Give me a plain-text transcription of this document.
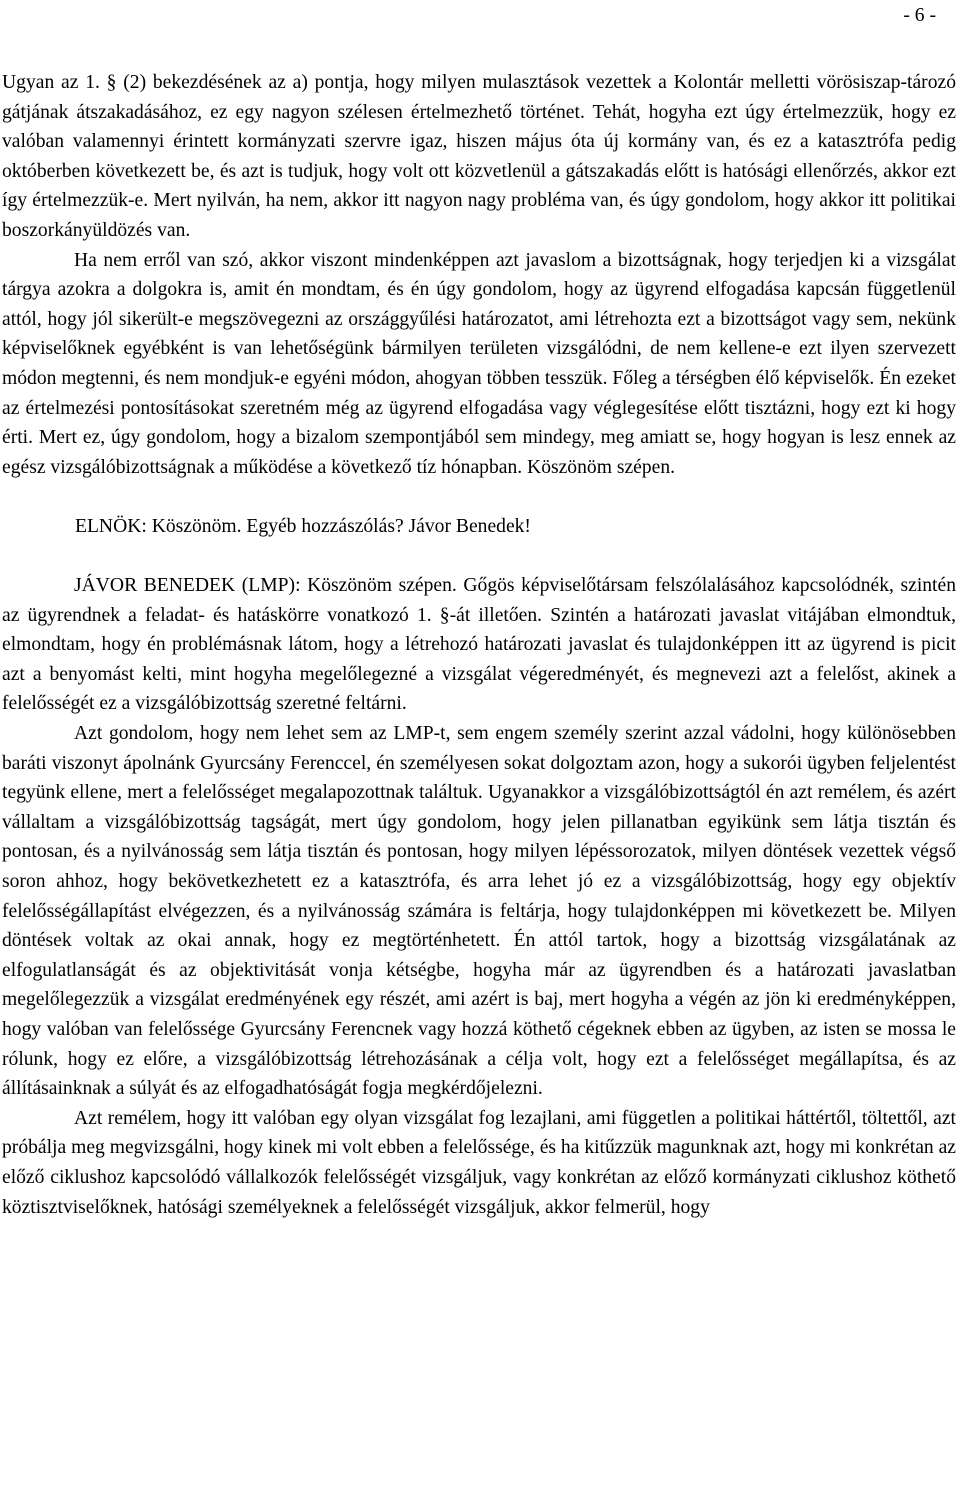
- 6 -

Ugyan az 1. § (2) bekezdésének az a) pontja, hogy milyen mulasztások vezettek a Kolontár melletti vörösiszap-tározó gátjának átszakadásához, ez egy nagyon szélesen értelmezhető történet. Tehát, hogyha ezt úgy értelmezzük, hogy ez valóban valamennyi érintett kormányzati szervre igaz, hiszen május óta új kormány van, és ez a katasztrófa pedig októberben következett be, és azt is tudjuk, hogy volt ott közvetlenül a gátszakadás előtt is hatósági ellenőrzés, akkor ezt így értelmezzük-e. Mert nyilván, ha nem, akkor itt nagyon nagy probléma van, és úgy gondolom, hogy akkor itt politikai boszorkányüldözés van.

Ha nem erről van szó, akkor viszont mindenképpen azt javaslom a bizottságnak, hogy terjedjen ki a vizsgálat tárgya azokra a dolgokra is, amit én mondtam, és én úgy gondolom, hogy az ügyrend elfogadása kapcsán függetlenül attól, hogy jól sikerült-e megszövegezni az országgyűlési határozatot, ami létrehozta ezt a bizottságot vagy sem, nekünk képviselőknek egyébként is van lehetőségünk bármilyen területen vizsgálódni, de nem kellene-e ezt ilyen szervezett módon megtenni, és nem mondjuk-e egyéni módon, ahogyan többen tesszük. Főleg a térségben élő képviselők. Én ezeket az értelmezési pontosításokat szeretném még az ügyrend elfogadása vagy véglegesítése előtt tisztázni, hogy ezt ki hogy érti. Mert ez, úgy gondolom, hogy a bizalom szempontjából sem mindegy, meg amiatt se, hogy hogyan is lesz ennek az egész vizsgálóbizottságnak a működése a következő tíz hónapban. Köszönöm szépen.

ELNÖK: Köszönöm. Egyéb hozzászólás? Jávor Benedek!

JÁVOR BENEDEK (LMP): Köszönöm szépen. Gőgös képviselőtársam felszólalásához kapcsolódnék, szintén az ügyrendnek a feladat- és hatáskörre vonatkozó 1. §-át illetően. Szintén a határozati javaslat vitájában elmondtuk, elmondtam, hogy én problémásnak látom, hogy a létrehozó határozati javaslat és tulajdonképpen itt az ügyrend is picit azt a benyomást kelti, mint hogyha megelőlegezné a vizsgálat végeredményét, és megnevezi azt a felelőst, akinek a felelősségét ez a vizsgálóbizottság szeretné feltárni.

Azt gondolom, hogy nem lehet sem az LMP-t, sem engem személy szerint azzal vádolni, hogy különösebben baráti viszonyt ápolnánk Gyurcsány Ferenccel, én személyesen sokat dolgoztam azon, hogy a sukorói ügyben feljelentést tegyünk ellene, mert a felelősséget megalapozottnak találtuk. Ugyanakkor a vizsgálóbizottságtól én azt remélem, és azért vállaltam a vizsgálóbizottság tagságát, mert úgy gondolom, hogy jelen pillanatban egyikünk sem látja tisztán és pontosan, és a nyilvánosság sem látja tisztán és pontosan, hogy milyen lépéssorozatok, milyen döntések vezettek végső soron ahhoz, hogy bekövetkezhetett ez a katasztrófa, és arra lehet jó ez a vizsgálóbizottság, hogy egy objektív felelősségállapítást elvégezzen, és a nyilvánosság számára is feltárja, hogy tulajdonképpen mi következett be. Milyen döntések voltak az okai annak, hogy ez megtörténhetett. Én attól tartok, hogy a bizottság vizsgálatának az elfogulatlanságát és az objektivitását vonja kétségbe, hogyha már az ügyrendben és a határozati javaslatban megelőlegezzük a vizsgálat eredményének egy részét, ami azért is baj, mert hogyha a végén az jön ki eredményképpen, hogy valóban van felelőssége Gyurcsány Ferencnek vagy hozzá köthető cégeknek ebben az ügyben, az isten se mossa le rólunk, hogy ez előre, a vizsgálóbizottság létrehozásának a célja volt, hogy ezt a felelősséget megállapítsa, és az állításainknak a súlyát és az elfogadhatóságát fogja megkérdőjelezni.

Azt remélem, hogy itt valóban egy olyan vizsgálat fog lezajlani, ami független a politikai háttértől, töltettől, azt próbálja meg megvizsgálni, hogy kinek mi volt ebben a felelőssége, és ha kitűzzük magunknak azt, hogy mi konkrétan az előző ciklushoz kapcsolódó vállalkozók felelősségét vizsgáljuk, vagy konkrétan az előző kormányzati ciklushoz köthető köztisztviselőknek, hatósági személyeknek a felelősségét vizsgáljuk, akkor felmerül, hogy
